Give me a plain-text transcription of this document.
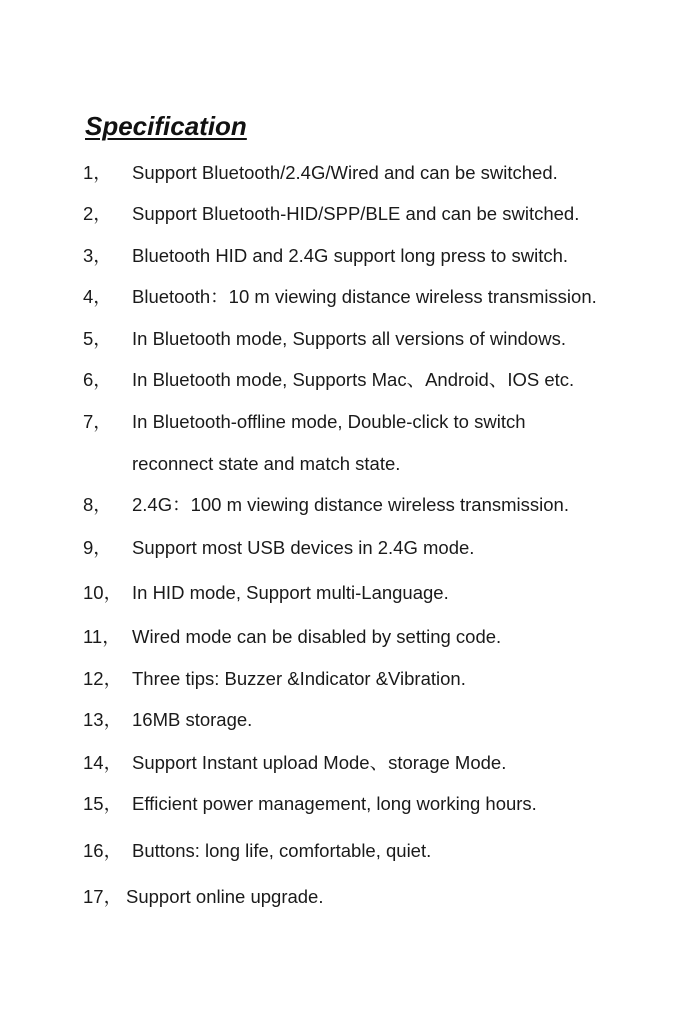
Specification
1， Support Bluetooth/2.4G/Wired and can be switched.
2， Support Bluetooth-HID/SPP/BLE and can be switched.
3， Bluetooth HID and 2.4G support long press to switch.
4， Bluetooth：10 m viewing distance wireless transmission.
5， In Bluetooth mode, Supports all versions of windows.
6， In Bluetooth mode, Supports Mac、Android、IOS etc.
7， In Bluetooth-offline mode, Double-click to switch
reconnect state and match state.
8， 2.4G：100 m viewing distance wireless transmission.
9， Support most USB devices in 2.4G mode.
10， In HID mode, Support multi-Language.
11， Wired mode can be disabled by setting code.
12， Three tips: Buzzer &Indicator &Vibration.
13， 16MB storage.
14， Support Instant upload Mode、storage Mode.
15， Efficient power management, long working hours.
16， Buttons: long life, comfortable, quiet.
17， Support online upgrade.
